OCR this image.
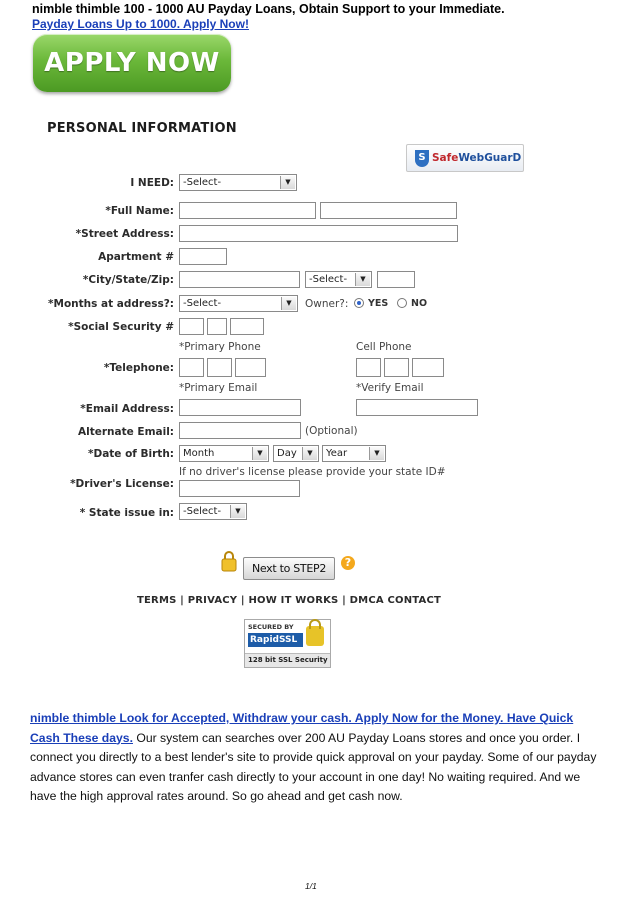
nimble thimble 100 - 1000 AU Payday Loans, Obtain Support to your Immediate.
Payday Loans Up to 1000. Apply Now!
APPLY NOW
PERSONAL INFORMATION
S Safe WebGuarD
I NEED: -Select-	▼
*Full Name:
*Street Address:
Apartment #
*City/State/Zip:	-Select-	▼
*Months at address?: -Select-	▼	Owner?: YES NO
*Social Security #
*Primary Phone	Cell Phone
*Telephone:
*Primary Email	*Verify Email
*Email Address:
Alternate Email:	(Optional)
*Date of Birth: Month	▼	Day	▼	Year	▼
If no driver's license please provide your state ID#
*Driver's License:
* State issue in: -Select-	▼
Next to STEP2	?
TERMS | PRIVACY | HOW IT WORKS | DMCA CONTACT
SECURED BY
RapidSSL
128 bit SSL Security
nimble thimble Look for Accepted, Withdraw your cash. Apply Now for the Money. Have Quick Cash These days. Our system can searches over 200 AU Payday Loans stores and once you order. I connect you directly to a best lender's site to provide quick approval on your payday. Some of our payday advance stores can even tranfer cash directly to your account in one day! No waiting required. And we have the high approval rates around. So go ahead and get cash now.
1/1
